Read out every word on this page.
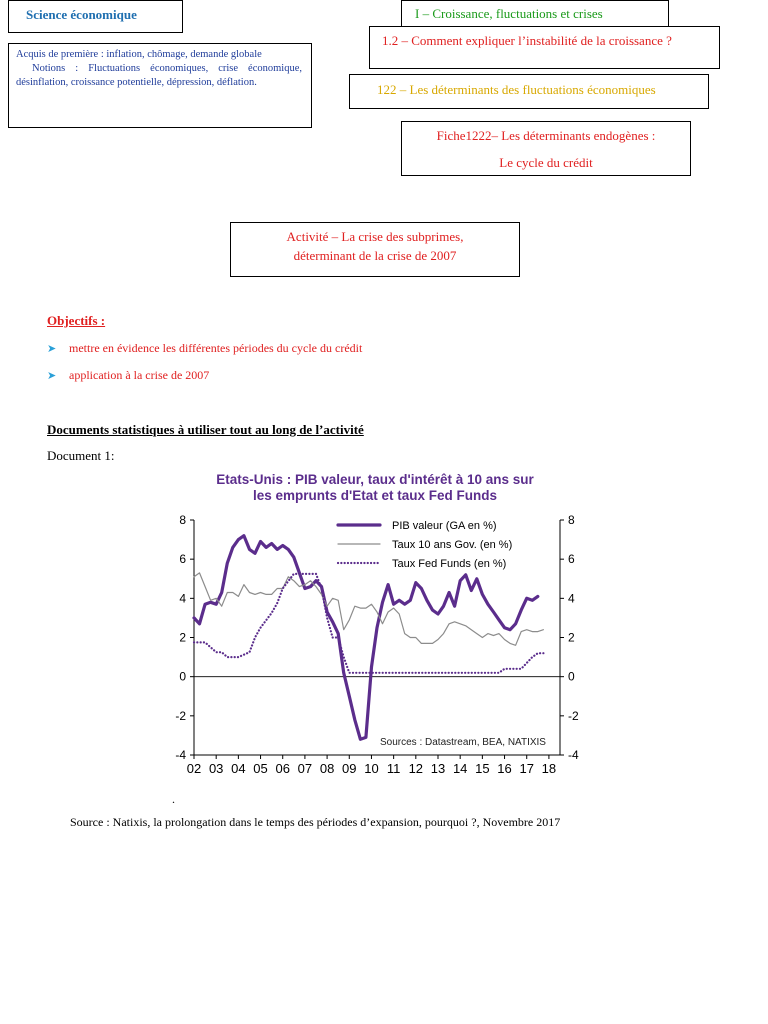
Science économique	I – Croissance, fluctuations et crises
1.2 – Comment expliquer l’instabilité de la croissance ?
122 – Les déterminants des fluctuations économiques
Fiche1222– Les déterminants endogènes :
Le cycle du crédit

Acquis de première : inflation, chômage, demande globale

Notions : Fluctuations économiques, crise économique, désinflation, croissance potentielle, dépression, déflation.

Activité – La crise des subprimes,
déterminant de la crise de 2007
Objectifs :
➤ mettre en évidence les différentes périodes du cycle du crédit
➤ application à la crise de 2007
Documents statistiques à utiliser tout au long de l’activité
Document 1:
Etats-Unis : PIB valeur, taux d'intérêt à 10 ans sur
les emprunts d'Etat et taux Fed Funds
-4
-2
0
2
4
6
8
-4
-2
0
2
4
6
8
02 03 04 05 06 07 08 09 10 11 12 13 14 15 16 17 18
PIB valeur (GA en %)
Taux 10 ans Gov. (en %)
Taux Fed Funds (en %)
Sources : Datastream, BEA, NATIXIS
.
Source : Natixis, la prolongation dans le temps des périodes d’expansion, pourquoi ?, Novembre 2017
